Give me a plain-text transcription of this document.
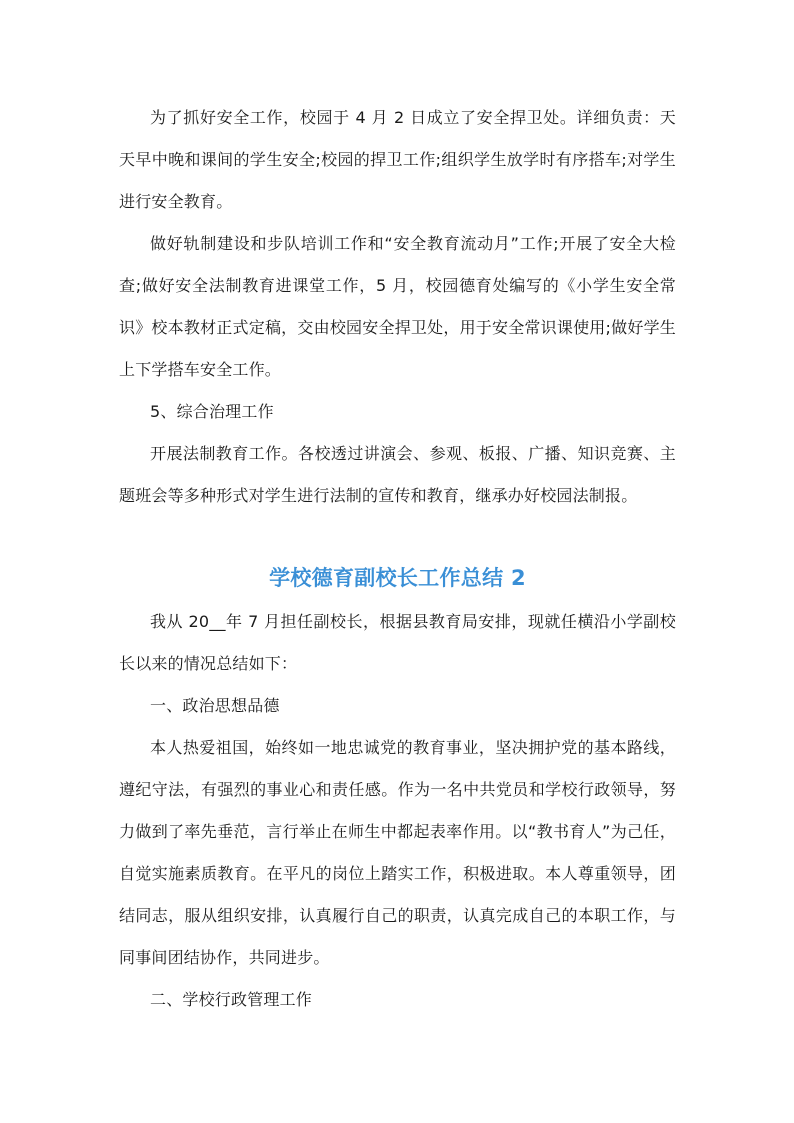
为了抓好安全工作，校园于 4 月 2 日成立了安全捍卫处。详细负责：天天早中晚和课间的学生安全;校园的捍卫工作;组织学生放学时有序搭车;对学生进行安全教育。

做好轨制建设和步队培训工作和“安全教育流动月”工作;开展了安全大检查;做好安全法制教育进课堂工作，5 月，校园德育处编写的《小学生安全常识》校本教材正式定稿，交由校园安全捍卫处，用于安全常识课使用;做好学生上下学搭车安全工作。

5、综合治理工作

开展法制教育工作。各校透过讲演会、参观、板报、广播、知识竞赛、主题班会等多种形式对学生进行法制的宣传和教育，继承办好校园法制报。

学校德育副校长工作总结 2

我从 20__年 7 月担任副校长，根据县教育局安排，现就任横沿小学副校长以来的情况总结如下：

一、政治思想品德

本人热爱祖国，始终如一地忠诚党的教育事业，坚决拥护党的基本路线，遵纪守法，有强烈的事业心和责任感。作为一名中共党员和学校行政领导，努力做到了率先垂范，言行举止在师生中都起表率作用。以“教书育人”为己任，自觉实施素质教育。在平凡的岗位上踏实工作，积极进取。本人尊重领导，团结同志，服从组织安排，认真履行自己的职责，认真完成自己的本职工作，与同事间团结协作，共同进步。

二、学校行政管理工作
